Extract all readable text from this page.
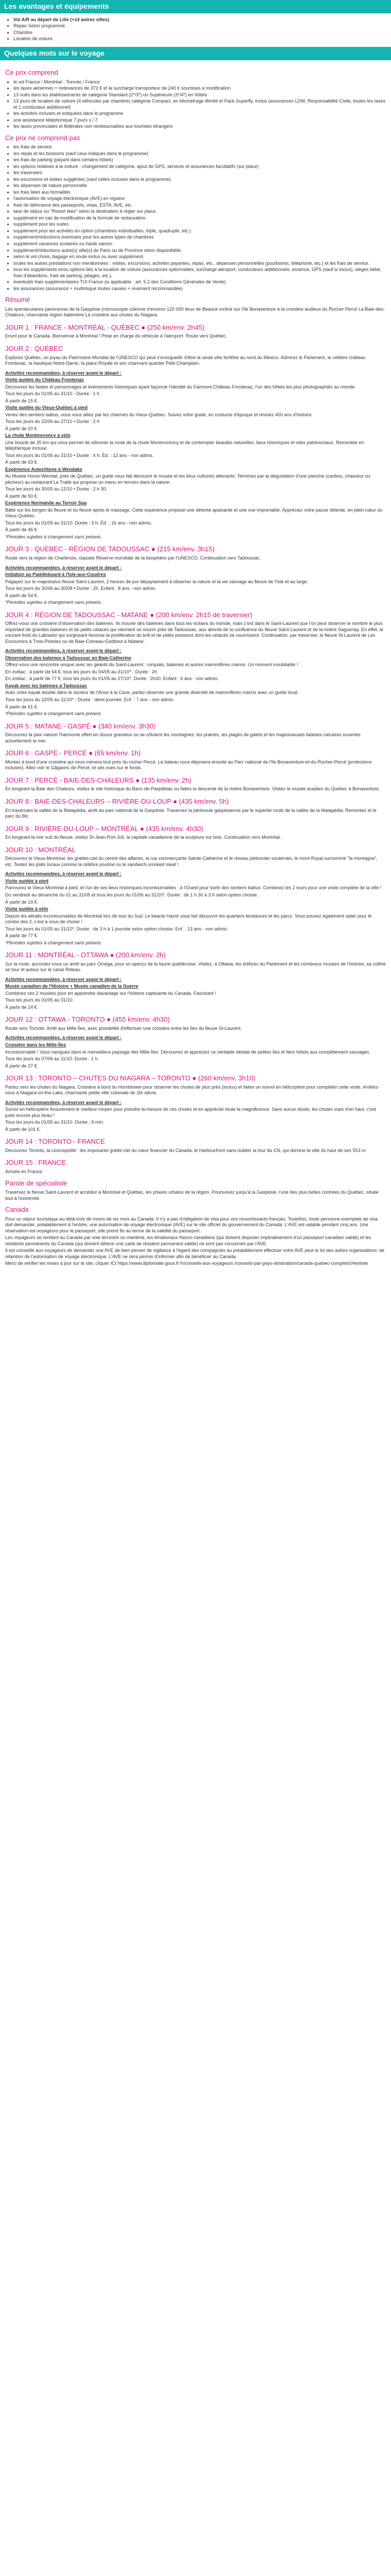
Les avantages et équipements
• Vol A/R au départ de Lille (+14 autres villes)
• Repas Selon programme
• Chambre
• Location de voiture
Quelques mots sur le voyage
Ce prix comprend
• le vol France / Montréal - Toronto / France
• les taxes aériennes + redevances de 372 € et la surcharge transporteur de 240 € soumises à modification
• 13 nuits dans les établissements de catégorie Standard (2*/3*) ou Supérieure (3*/4*) en hôtels
• 13 jours de location de voiture (4 véhicules par chambre) catégorie Compact, en kilométrage illimité et Pack Superfly, inclus (assurances LDW, Responsabilité Civile, toutes les taxes et 1 conducteur additionnel)
• les activités incluses et indiquées dans le programme
• une assistance téléphonique 7 jours s / 7
• les taxes provinciales et fédérales non remboursables aux touristes étrangers
Ce prix ne comprend pas
• les frais de service
• les repas et les boissons (sauf ceux indiqués dans le programme)
• les frais de parking (payant dans certains hôtels)
• les options relatives à la voiture : changement de catégorie, ajout de GPS, services et assurances facultatifs (sur place)
• les traversiers
• les excursions et visites suggérées (sauf celles incluses dans le programme)
• les dépenses de nature personnelle
• les frais liées aux formalités
• l'autorisation de voyage électronique (AVE) en vigueur
• frais de délivrance des passeports, visas, ESTA, AVE, etc.
• taxe de séjour ou "Resort fees" selon la destination à régler sur place.
• supplément en cas de modification de la formule de restauration.
• supplément pour les suites
• supplément pour les activités en option (chambres individuelles, triple, quadruple, etc.)
• supplément/réductions éventuels pour les autres types de chambres
• supplément vacances scolaires ou haute saison.
• supplément/réductions autre(s) ville(s) de Paris ou de Province selon disponibilité.
• selon le vol choisi, bagage en soute inclus ou avec supplément.
• toutes les autres prestations non mentionnées : visites, excursions, activités payantes, repas, etc., dépenses personnelles (pourboires, téléphone, etc.) et les frais de service.
• tous les suppléments et/ou options liés à la location de voiture (assurances optionnelles, surcharge aéroport, conducteurs additionnels, essence, GPS (sauf si inclus), sièges bébé, frais d'abandons, frais de parking, péages, etc.).
• éventuels frais supplémentaires TUI France (si applicable : art. 5.2 des Conditions Générales de Vente)
• les assurances (assurance + multirisque toutes causes + vivement recommandée)
Résumé

Les spectaculaires panoramas de la Gaspésie (microscopie colonne d'environ 120 000 lieux de Beauce incliné sur l'île Bonaventure à la croisière audieux du Rocher Percé La Baie-des-Chaleurs, charmante région baleinière La croisière aux chutes du Niagara.

JOUR 1 : FRANCE - MONTRÉAL - QUÉBEC ● (250 km/env. 2h45)

Envol pour le Canada. Bienvenue à Montréal ! Prise en charge du véhicule à l'aéroport. Route vers Québec.

JOUR 2 : QUÉBEC

Explorez Québec, un joyau du Patrimoine Mondial de l'UNESCO qui peut s'enorgueillir d'être la seule ville fortifiée au nord du Mexico. Admirez le Parlement, le célèbre château Frontenac, la basilique Notre-Dame, la place Royale et son charmant quartier Petit-Champlain.

Activités recommandées, à réserver avant le départ :

Visite guidée du Château Frontenac

Découvrez les fastes et personnages et événements historiques ayant façonné l'identité du Fairmont Château Frontenac, l'un des hôtels les plus photographiés au monde.

Tous les jours du 01/05 au 31/10 - Durée : 1 h.

À partir de 15 €.

Visite guidée du Vieux-Québec à pied

Venez des sentiers battus, vous vous alliez par les charmes du Vieux-Québec. Suivez votre guide, en costume d'époque et revivez 400 ans d'histoire.

Tous les jours du 22/06 au 27/10 • Durée : 2 h

À partir de 20 €.

La chute Montmorency à vélo

Une boucle de 25 km qui vous permet de sillonner la route de la chute Montmorency et de contempler beautés naturelles, lieux historiques et sites patrimoniaux. Remontée en téléphérique incluse.

Tous les jours du 01/05 au 31/10 • Durée : 4 h. Éd. : 12 ans - non admis.

À partir de 63 €.

Expérience Autochtone à Wendake

Au Musée Huron-Wendat, près de Québec, un guide vous fait découvrir le musée et les lieux culturels attenants. Terminez par la dégustation d'une planche (caribou, chasseur ou pêcheur) au restaurant La Traite qui propose un menu en terroirs dans la nature.

Tous les jours du 30/05 au 12/10 • Durée : 2 h 30.

À partir de 50 €.

Expérience Normande au Terroir Spa

Bâtie sur les berges du fleuve et du fleuve après le massage. Cette expérience propose une détente apaisante et une vue imprenable. Appréciez votre pause détente, en plein cœur du Vieux-Québec.

Tous les jours du 01/05 au 31/10. Durée : 3 h. Éd. : 16 ans - non admis.

À partir de 46 €.

*Périodes sujettes à changement sans préavis.

JOUR 3 : QUÉBEC - RÉGION DE TADOUSSAC ● (215 km/env. 3h15)

Route vers la région de Charlevoix, classée Réserve mondiale de la biosphère par l'UNESCO. Continuation vers Tadoussac.

Activités recommandées, à réserver avant le départ :

Initiation au Paddleboard à l'Isle-aux-Coudres

Pagayez sur le majestueux fleuve Saint-Laurent, 2 heures de pur dépaysement à observer la nature et la vie sauvage au fleuve de l'Isle et au large.

Tous les jours du 30/06 au 30/08 • Durée : 2h. Enfant : 8 ans - non admis.

À partir de 54 €.

*Périodes sujettes à changement sans préavis.

JOUR 4 : RÉGION DE TADOUSSAC - MATANE ● (200 km/env. 2h15 de traversier)

Offrez-vous une croisière d'observation des baleines. Ils trouver des baleines dans tous les océans du monde, mais c'est dans le Saint-Laurent que l'on peut observer le nombre le plus important de grandes baleines et de petits cétacés qui viennent se nourrir près de Tadoussac, aux abords de la confluence du fleuve Saint-Laurent et de la rivière Saguenay. En effet, le courant froid du Labrador qui surgissant favorise la prolifération du krill et de petits poissons dont les cétacés se nourrissent. Continuation, par traversier, le fleuve St-Laurent de Les Escoumins à Trois-Pistoles ou de Baie-Comeau-Godbout à Matane.

Activités recommandées, à réserver avant le départ :

Observation des baleines à Tadoussac en Baie-Catherine

Offrez-vous une rencontre unique avec les géants du Saint-Laurent : rorquals, baleines et autres mammifères marins. Un moment inoubliable !

En zodiac : à partir de 64 €, tous les jours du 04/05 au 31/10* - Durée : 2h.

En zodiac : à partir de 77 €, tous les jours du 01/05 au 27/10*. Durée : 2h30. Enfant : 6 ans - non admis.

Kayak avec les baleines à Tadoussac

Avec votre kayak double dans le secteur de l'Anse à la Cave, partez observer une grande diversité de mammifères marins avec un guide local.

Tous les jours du 22/05 au 11/10* - Durée : demi-journée. Enf. : 7 ans - non admis.

À partir de 61 €.

*Périodes sujettes à changement sans préavis.

JOUR 5 : MATANE - GASPÉ ● (340 km/env. 3h30)

Découvrez la paix naturel l'harmonie offert en douce grandeur où se côtoient les montagnes, les prairies, les plages de galets et les majestueuses falaises calcaires ouvertes actuellement la mer.

JOUR 6 : GASPÉ - PERCÉ ● (65 km/env. 1h)

Montez à bord d'une croisière qui vous mènera tout près du rocher Percé. Le bateau vous déposera ensuite au Parc national de l'île-Bonaventure-et-du-Rocher-Percé (protections incluses). Allez voir le Gâgaoric de Percé, et ses vues sur le fonds.

JOUR 7 : PERCÉ - BAIE-DES-CHALEURS ● (135 km/env. 2h)

En longeant la Baie des Chaleurs, visitez le site historique du Banc-de-Paspébiac ou faites la descente de la rivière Bonaventure. Visitez le musée acadien du Québec à Bonaventure.

JOUR 8 : BAIE-DES-CHALEURS – RIVIÈRE-DU-LOUP ● (435 km/env. 5h)

En traversant la vallée de la Matapédia, arrêt au parc national de la Gaspésie. Traversez la péninsule gaspésienne par le superbe route de la vallée de la Matapédia. Remontez et le parc du Bic.

JOUR 9 : RIVIÈRE-DU-LOUP – MONTRÉAL ● (435 km/env. 4h30)

En longeant la rive sud du fleuve, visitez St-Jean-Port-Joli, la capitale canadienne de la sculpture sur bois. Continuation vers Montréal.

JOUR 10 : MONTRÉAL

Découvrez le Vieux-Montréal, les grattes-ciel du centre des affaires, la rue commerçante Sainte-Catherine et le réseau piétonnier souterrain, le mont Royal surnommé "la montagne", etc. Testez les plats locaux comme la célèbre poutine ou le sandwich smoked meat !

Activités recommandées, à réserver avant le départ :

Visite guidée à pied

Parcourez le Vieux-Montréal à pied, et l'un de ses lieux historiques incontournables : à l'Ouest pour sortir des sentiers battus. Combinez les 2 tours pour une visite complète de la ville !

Du vendredi au dimanche du 01 au 31/05 et tous les jours du 01/06 au 31/10*. Durée : de 1 h 30 à 3 h selon option choisie.

À partir de 19 €.

Visite guidée à vélo

Depuis les attraits incontournables de Montréal lors de tour du Sud. Le beacle Havré vous fait découvrir les quartiers tendances et les parcs. Vous pouvez également opter pour le combo des 2, c'est à vous de choisir !

Tous les jours du 01/05 au 31/10*. Durée : de 3 h à 1 journée selon option choisie. Enf. : 13 ans - non admis.

À partir de 77 €.

*Périodes sujettes à changement sans préavis.

JOUR 11 : MONTRÉAL - OTTAWA ● (200 km/env. 2h)

Sur la route, accordez-vous un arrêt au parc Omega, pour un aperçu de la faune québécoise. Visitez, à Ottawa, les édifices du Parlement et les nombreux musées de l'histoire, sa colline se tour et autour sur le canal Rideau.

Activités recommandées, à réserver avant le départ :

Musée canadien de l'Histoire + Musée canadien de la Guerre

Combinez ces 2 musées pour en apprendre davantage sur l'histoire captivante du Canada. Fascinant !

Tous les jours du 01/05 au 31/10.

À partir de 24 €.

JOUR 12 : OTTAWA - TORONTO ● (455 km/env. 4h30)

Route vers Toronto. Arrêt aux Mille-Îles, avec possibilité d'effectuer une croisière entre les îles du fleuve St-Laurent.

Activités recommandées, à réserver avant le départ :

Croisière dans les Mille-Îles

Incontournable ! Vous naviguez dans le merveilleux paysage des Mille-Îles. Découvrez et appréciez ce véritable dédale de petites îles et fiers hôtels aux complètement sauvages.

Tous les jours du 07/06 au 11/10. Durée : 1 h.

À partir de 27 €.

JOUR 13 : TORONTO – CHUTES DU NIAGARA – TORONTO ● (260 km/env. 3h10)

Partez vers les chutes du Niagara. Croisière à bord du Hornblower pour observer les chutes de plus près (inclus) et faites un survol en hélicoptère pour compléter cette visite. Arrêtez-vous à Niagara-on-the-Lake, charmante petite ville coloniale de 1th siècle.

Activités recommandées, à réserver avant le départ :

Survol en hélicoptère Assurément le meilleur moyen pour prendre la mesure de ces chutes et en apprécier toute la magnificence. Sans aucun doute, les chutes vues d'en haut, c'est juste encore plus beau !

Tous les jours du 01/05 au 31/10. Durée : 9 min.

À partir de 101 €.

JOUR 14 : TORONTO - FRANCE

Découvrez Toronto, la cosmopolite : les imposants gratte-ciel du cœur financier du Canada, le Harbourfront sans oublier la tour du CN, qui domine la ville du haut de ses 553 m.

JOUR 15 : FRANCE

Arrivée en France.

Parole de spécialiste

Traversez le fleuve Saint-Laurent et accédez à Montréal et Québec, les phares urbains de la région. Poursuivez jusqu'à la Gaspésie, l'une des plus belles contrées du Québec, située tout à l'extrémité.

Canada

Pour un séjour touristique au-delà trois de moins de six mois au Canada. Il n'y a pas d'obligation de visa pour vos ressortissants français. Toutefois, toute personne exemptée de visa doit demander, préalablement à l'entrée, une autorisation de voyage électronique (AVE) sur le site officiel du gouvernement du Canada. L'AVE est valable pendant cinq ans. Une réservation est voyageurs pour le passeport, elle prend fin au terme de la validité du passeport.

Les voyageurs se rendant au Canada par voie terrestre ou maritime, les binationaux franco-canadiens (qui doivent disposer impérativement d'un passeport canadien valide) et les résidents permanents du Canada (qui doivent détenir une carte de résident permanent valide) ne sont pas concernés par l'AVE.

Il est conseillé aux voyageurs de demander une AVE de bien penser de vigilance à l'égard des compagnies au préalablement effectuer votre AVE peut le lot des autres organisations: de rétention de l'autorisation de voyage électronique. L'AVE ne sera permis d'informer afin de bénéficier au Canada.

Merci de vérifier les mises à jour sur le site, cliquer ICI https://www.diplomatie.gouv.fr fr/conseils-aux-voyageurs /conseils-par-pays-destination/canada-quebec-complet/c/#entree
